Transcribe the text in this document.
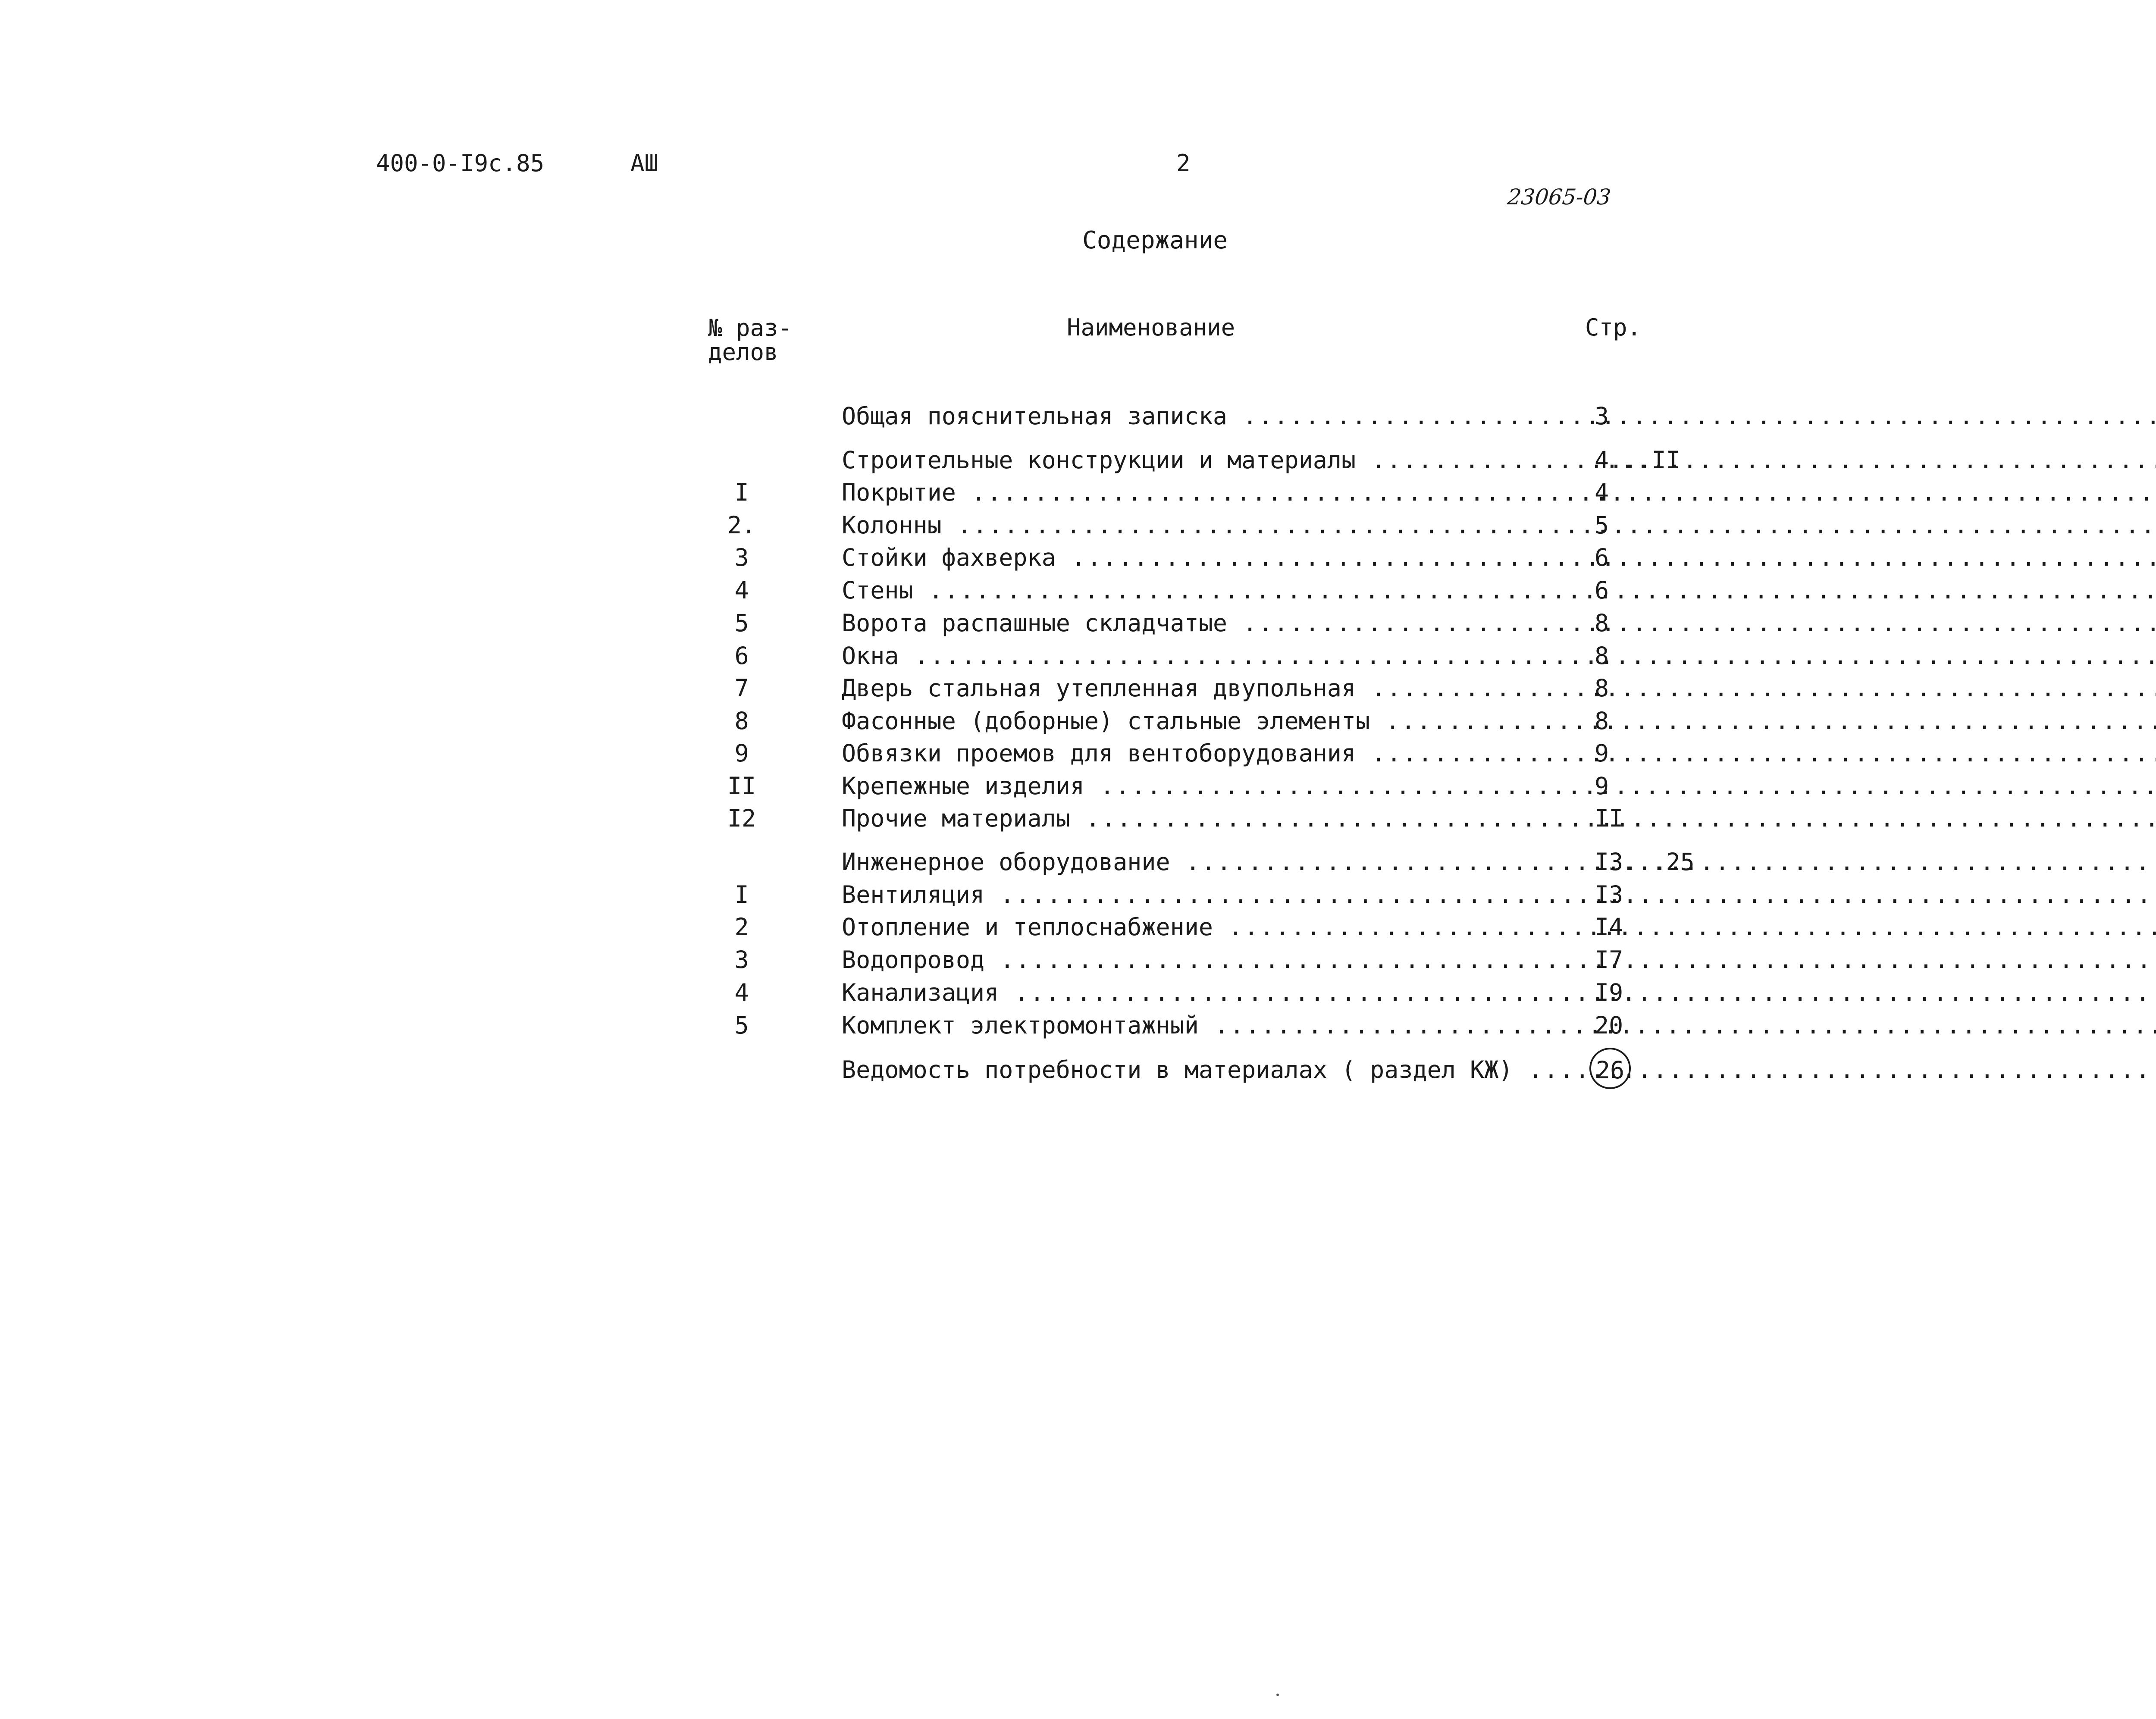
400-0-I9с.85	АШ	2
23065-03
Содержание
№ раз-
делов
Наименование	Стр.
Общая пояснительная записка .....	3
Строительные конструкции и материалы .....	4...II
I	Покрытие .....	4
2.	Колонны .....	5
3	Стойки фахверка .....	6
4	Стены .....	6
5	Ворота распашные складчатые .....	8
6	Окна .....	8
7	Дверь стальная утепленная двупольная .....	8
8	Фасонные (доборные) стальные элементы .....	8
9	Обвязки проемов для вентоборудования .....	9
II	Крепежные изделия .....	9
I2	Прочие материалы .....	II
Инженерное оборудование .....	I3...25
I	Вентиляция .....	I3
2	Отопление и теплоснабжение .....	I4
3	Водопровод .....	I7
4	Канализация .....	I9
5	Комплект электромонтажный .....	20
Ведомость потребности в материалах ( раздел КЖ) .....	26
